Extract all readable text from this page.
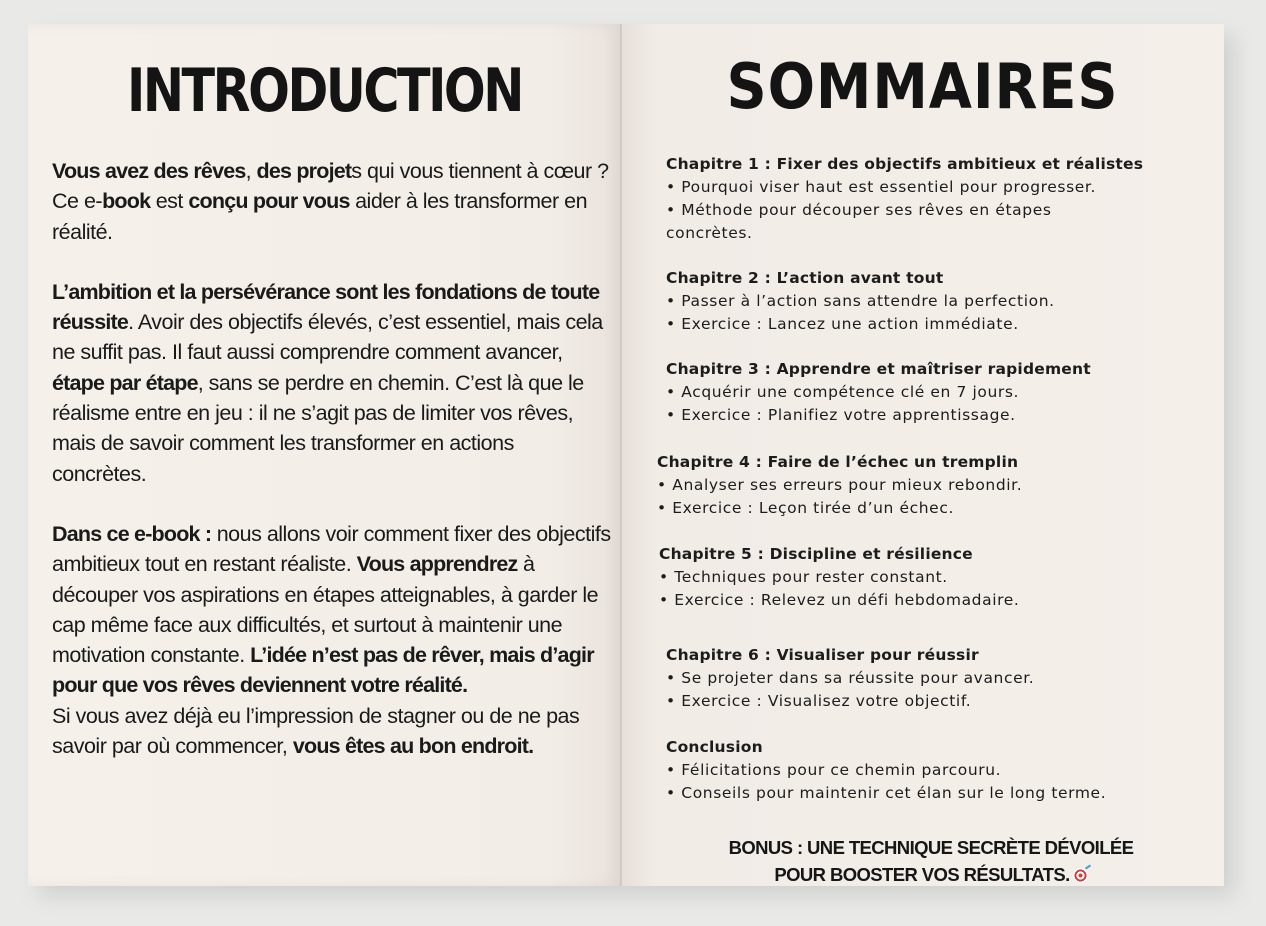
INTRODUCTION

Vous avez des rêves, des projets qui vous tiennent à cœur ? Ce e-book est conçu pour vous aider à les transformer en réalité.

L’ambition et la persévérance sont les fondations de toute réussite. Avoir des objectifs élevés, c’est essentiel, mais cela ne suffit pas. Il faut aussi comprendre comment avancer, étape par étape, sans se perdre en chemin. C’est là que le réalisme entre en jeu : il ne s’agit pas de limiter vos rêves, mais de savoir comment les transformer en actions concrètes.

Dans ce e-book : nous allons voir comment fixer des objectifs ambitieux tout en restant réaliste. Vous apprendrez à découper vos aspirations en étapes atteignables, à garder le cap même face aux difficultés, et surtout à maintenir une motivation constante. L’idée n’est pas de rêver, mais d’agir pour que vos rêves deviennent votre réalité.

Si vous avez déjà eu l’impression de stagner ou de ne pas savoir par où commencer, vous êtes au bon endroit.

SOMMAIRES
Chapitre 1 : Fixer des objectifs ambitieux et réalistes
• Pourquoi viser haut est essentiel pour progresser.
• Méthode pour découper ses rêves en étapes concrètes.
Chapitre 2 : L’action avant tout
• Passer à l’action sans attendre la perfection.
• Exercice : Lancez une action immédiate.
Chapitre 3 : Apprendre et maîtriser rapidement
• Acquérir une compétence clé en 7 jours.
• Exercice : Planifiez votre apprentissage.
Chapitre 4 : Faire de l’échec un tremplin
• Analyser ses erreurs pour mieux rebondir.
• Exercice : Leçon tirée d’un échec.
Chapitre 5 : Discipline et résilience
• Techniques pour rester constant.
• Exercice : Relevez un défi hebdomadaire.
Chapitre 6 : Visualiser pour réussir
• Se projeter dans sa réussite pour avancer.
• Exercice : Visualisez votre objectif.
Conclusion
• Félicitations pour ce chemin parcouru.
• Conseils pour maintenir cet élan sur le long terme.
BONUS : UNE TECHNIQUE SECRÈTE DÉVOILÉE
POUR BOOSTER VOS RÉSULTATS.
